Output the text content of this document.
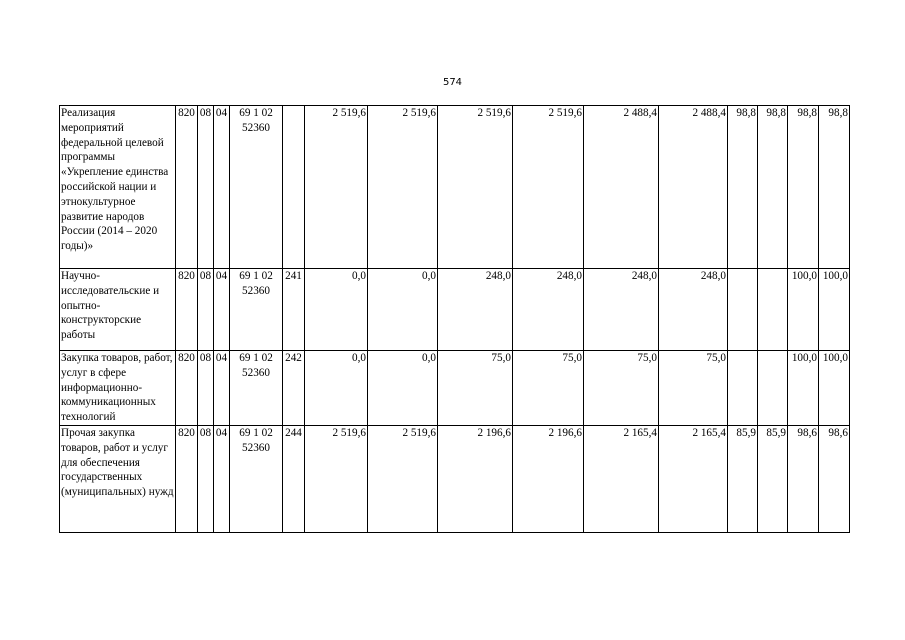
574
Реализация мероприятий федеральной целевой программы «Укрепление единства российской нации и этнокультурное развитие народов России (2014 – 2020 годы)»	820	08	04	69 1 02 52360		2 519,6	2 519,6	2 519,6	2 519,6	2 488,4	2 488,4	98,8	98,8	98,8	98,8
Научно-исследовательские и опытно-конструкторские работы	820	08	04	69 1 02 52360	241	0,0	0,0	248,0	248,0	248,0	248,0			100,0	100,0
Закупка товаров, работ, услуг в сфере информационно-коммуникационных технологий	820	08	04	69 1 02 52360	242	0,0	0,0	75,0	75,0	75,0	75,0			100,0	100,0
Прочая закупка товаров, работ и услуг для обеспечения государственных (муниципальных) нужд	820	08	04	69 1 02 52360	244	2 519,6	2 519,6	2 196,6	2 196,6	2 165,4	2 165,4	85,9	85,9	98,6	98,6
